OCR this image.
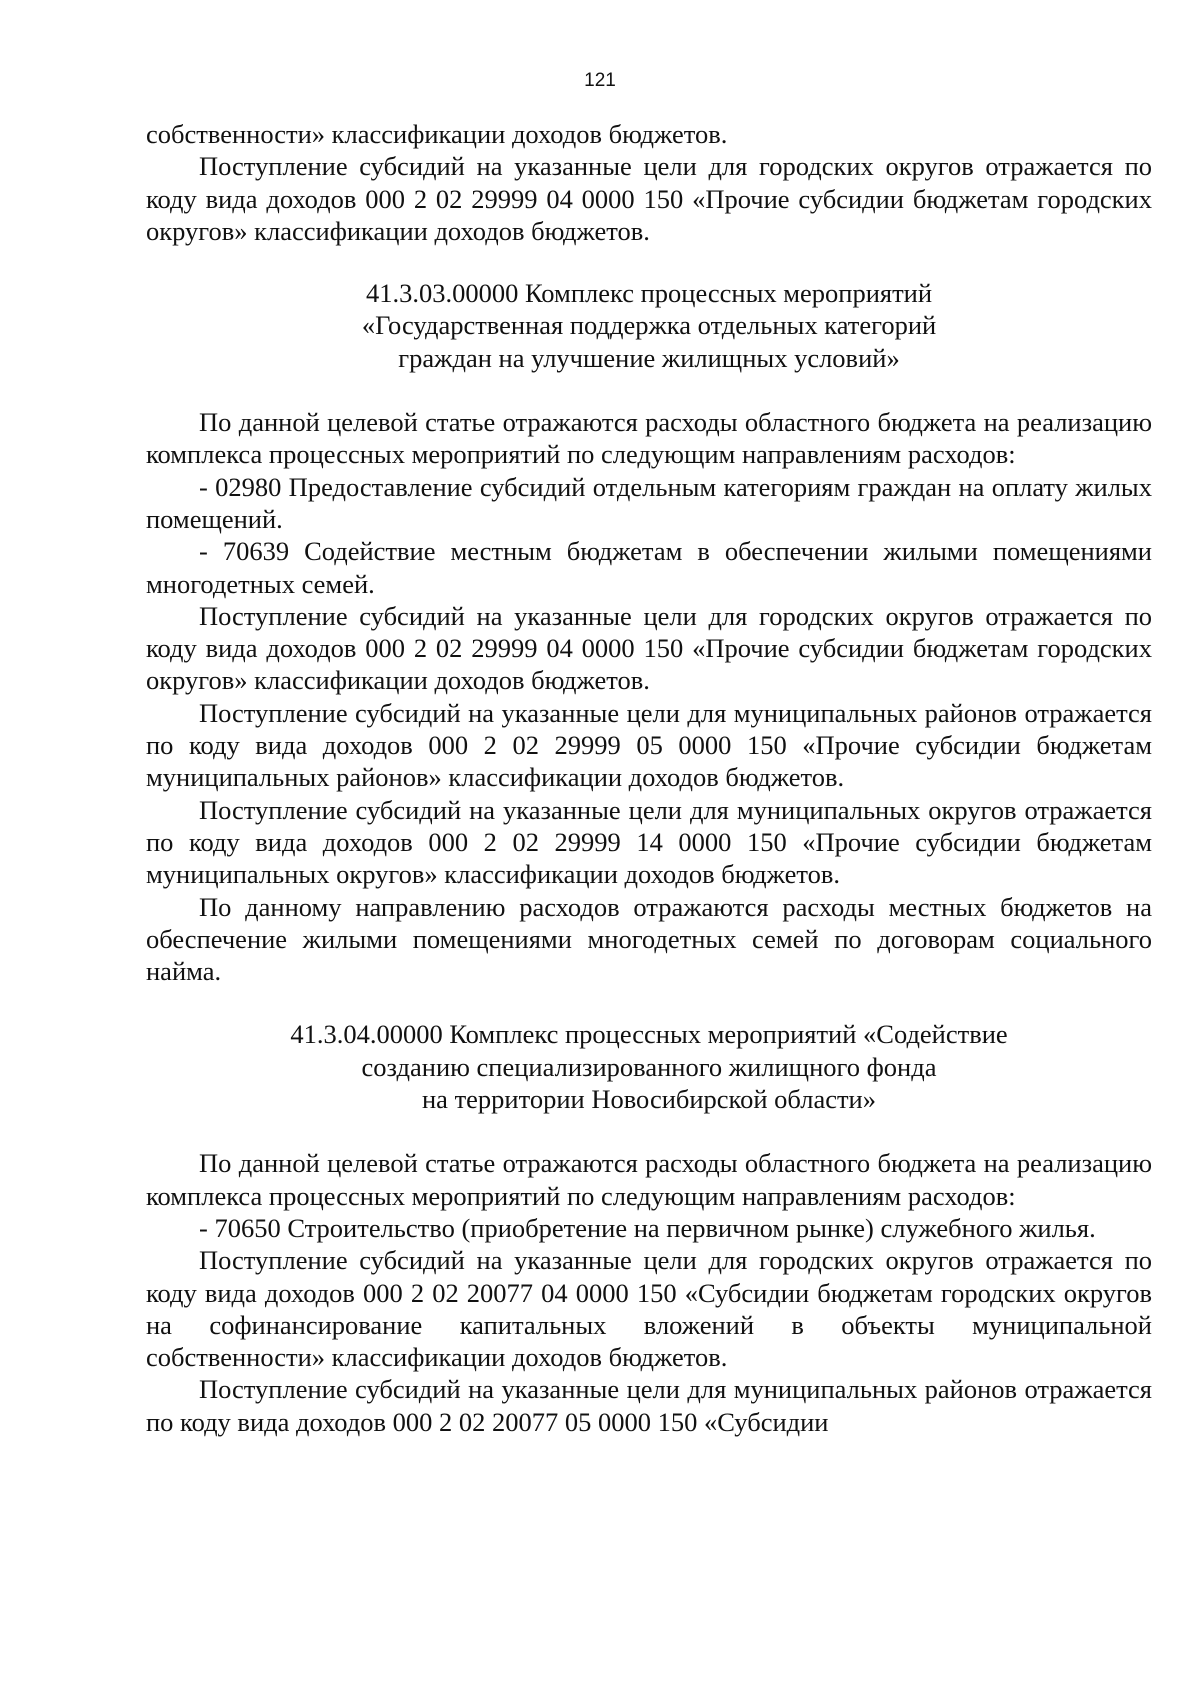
121

собственности» классификации доходов бюджетов.

Поступление субсидий на указанные цели для городских округов отражается по коду вида доходов 000 2 02 29999 04 0000 150 «Прочие субсидии бюджетам городских округов» классификации доходов бюджетов.

41.3.03.00000 Комплекс процессных мероприятий
«Государственная поддержка отдельных категорий
граждан на улучшение жилищных условий»

По данной целевой статье отражаются расходы областного бюджета на реализацию комплекса процессных мероприятий по следующим направлениям расходов:

- 02980 Предоставление субсидий отдельным категориям граждан на оплату жилых помещений.

- 70639 Содействие местным бюджетам в обеспечении жилыми помещениями многодетных семей.

Поступление субсидий на указанные цели для городских округов отражается по коду вида доходов 000 2 02 29999 04 0000 150 «Прочие субсидии бюджетам городских округов» классификации доходов бюджетов.

Поступление субсидий на указанные цели для муниципальных районов отражается по коду вида доходов 000 2 02 29999 05 0000 150 «Прочие субсидии бюджетам муниципальных районов» классификации доходов бюджетов.

Поступление субсидий на указанные цели для муниципальных округов отражается по коду вида доходов 000 2 02 29999 14 0000 150 «Прочие субсидии бюджетам муниципальных округов» классификации доходов бюджетов.

По данному направлению расходов отражаются расходы местных бюджетов на обеспечение жилыми помещениями многодетных семей по договорам социального найма.

41.3.04.00000 Комплекс процессных мероприятий «Содействие
созданию специализированного жилищного фонда
на территории Новосибирской области»

По данной целевой статье отражаются расходы областного бюджета на реализацию комплекса процессных мероприятий по следующим направлениям расходов:

- 70650 Строительство (приобретение на первичном рынке) служебного жилья.

Поступление субсидий на указанные цели для городских округов отражается по коду вида доходов 000 2 02 20077 04 0000 150 «Субсидии бюджетам городских округов на софинансирование капитальных вложений в объекты муниципальной собственности» классификации доходов бюджетов.

Поступление субсидий на указанные цели для муниципальных районов отражается по коду вида доходов 000 2 02 20077 05 0000 150 «Субсидии
